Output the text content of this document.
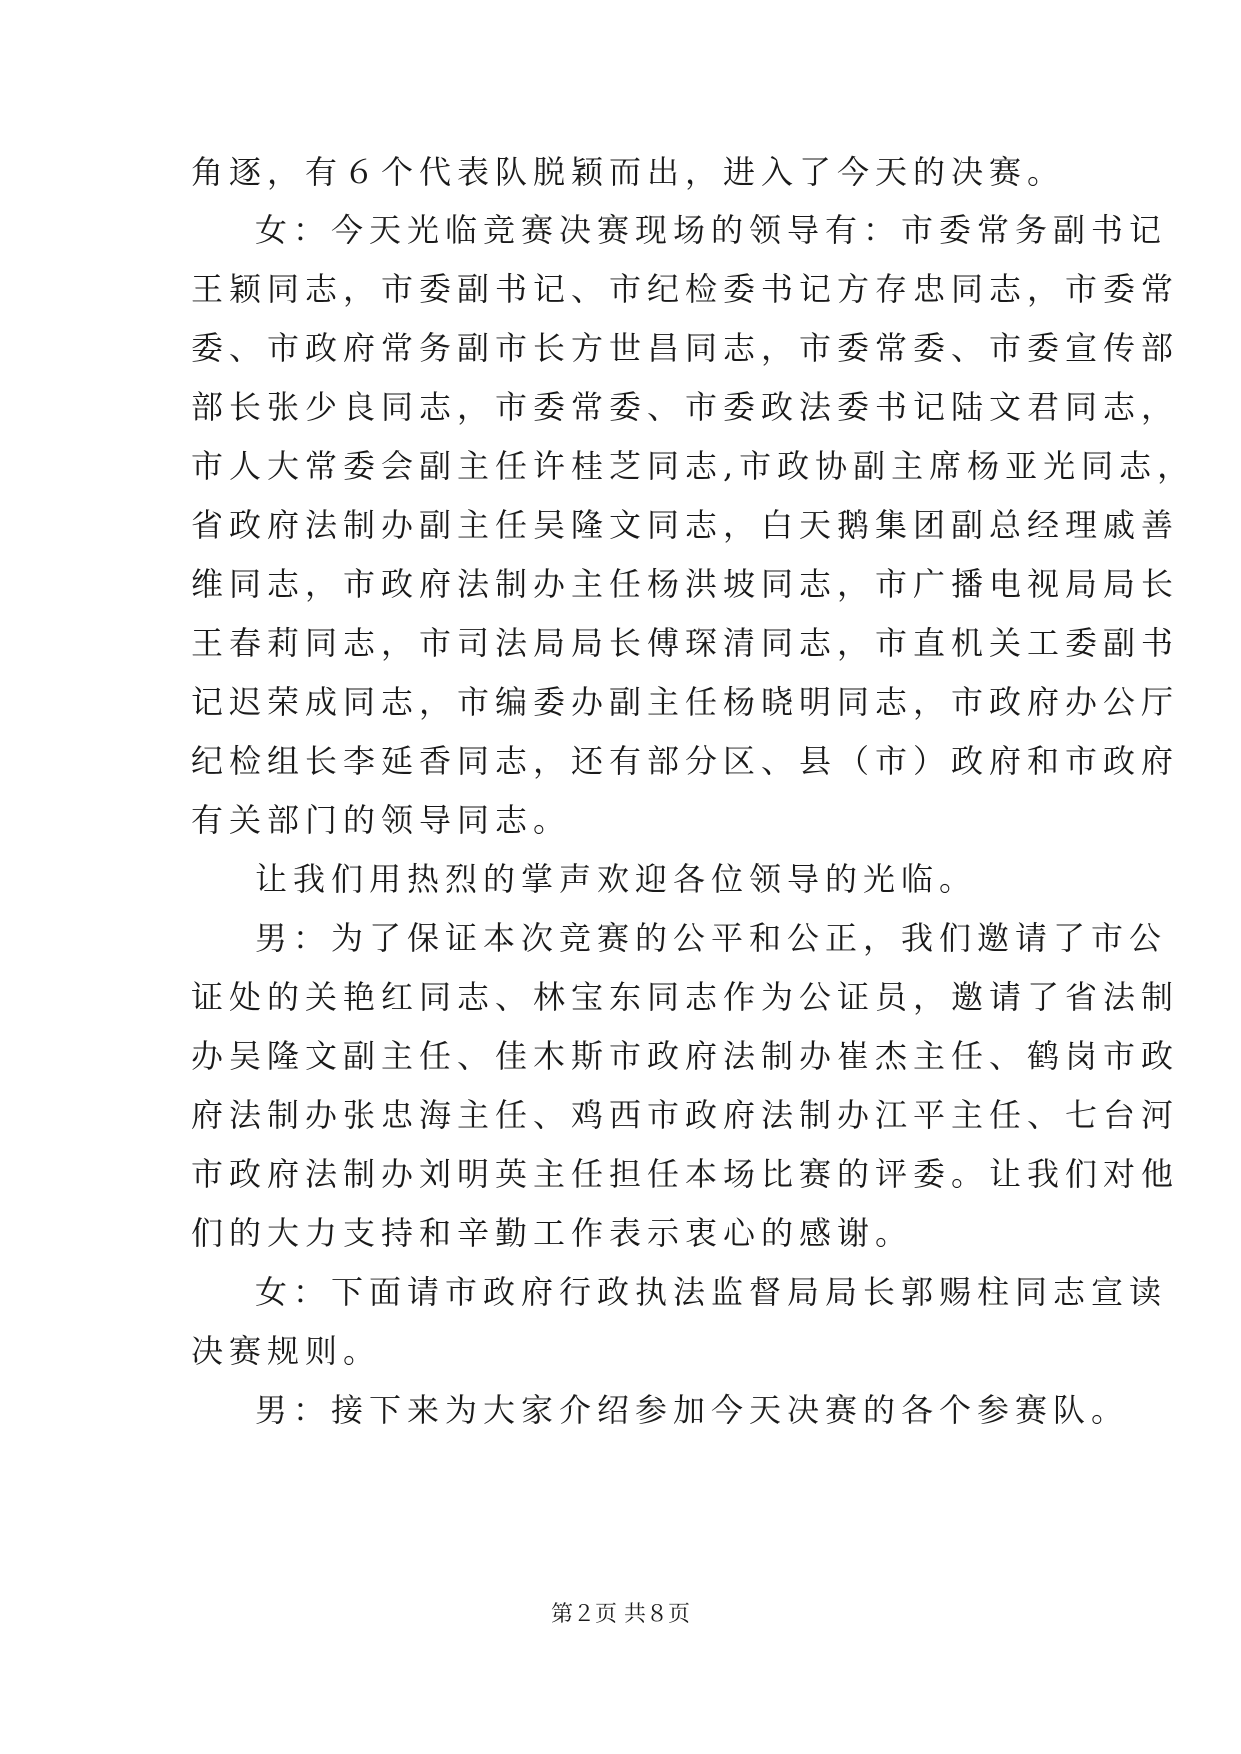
角逐，有６个代表队脱颖而出，进入了今天的决赛。
女：今天光临竞赛决赛现场的领导有：市委常务副书记
王颖同志，市委副书记、市纪检委书记方存忠同志，市委常
委、市政府常务副市长方世昌同志，市委常委、市委宣传部
部长张少良同志，市委常委、市委政法委书记陆文君同志，
市人大常委会副主任许桂芝同志,市政协副主席杨亚光同志，
省政府法制办副主任吴隆文同志，白天鹅集团副总经理戚善
维同志，市政府法制办主任杨洪坡同志，市广播电视局局长
王春莉同志，市司法局局长傅琛清同志，市直机关工委副书
记迟荣成同志，市编委办副主任杨晓明同志，市政府办公厅
纪检组长李延香同志，还有部分区、县（市）政府和市政府
有关部门的领导同志。
让我们用热烈的掌声欢迎各位领导的光临。
男：为了保证本次竞赛的公平和公正，我们邀请了市公
证处的关艳红同志、林宝东同志作为公证员，邀请了省法制
办吴隆文副主任、佳木斯市政府法制办崔杰主任、鹤岗市政
府法制办张忠海主任、鸡西市政府法制办江平主任、七台河
市政府法制办刘明英主任担任本场比赛的评委。让我们对他
们的大力支持和辛勤工作表示衷心的感谢。
女：下面请市政府行政执法监督局局长郭赐柱同志宣读
决赛规则。
男：接下来为大家介绍参加今天决赛的各个参赛队。
第２页 共８页
